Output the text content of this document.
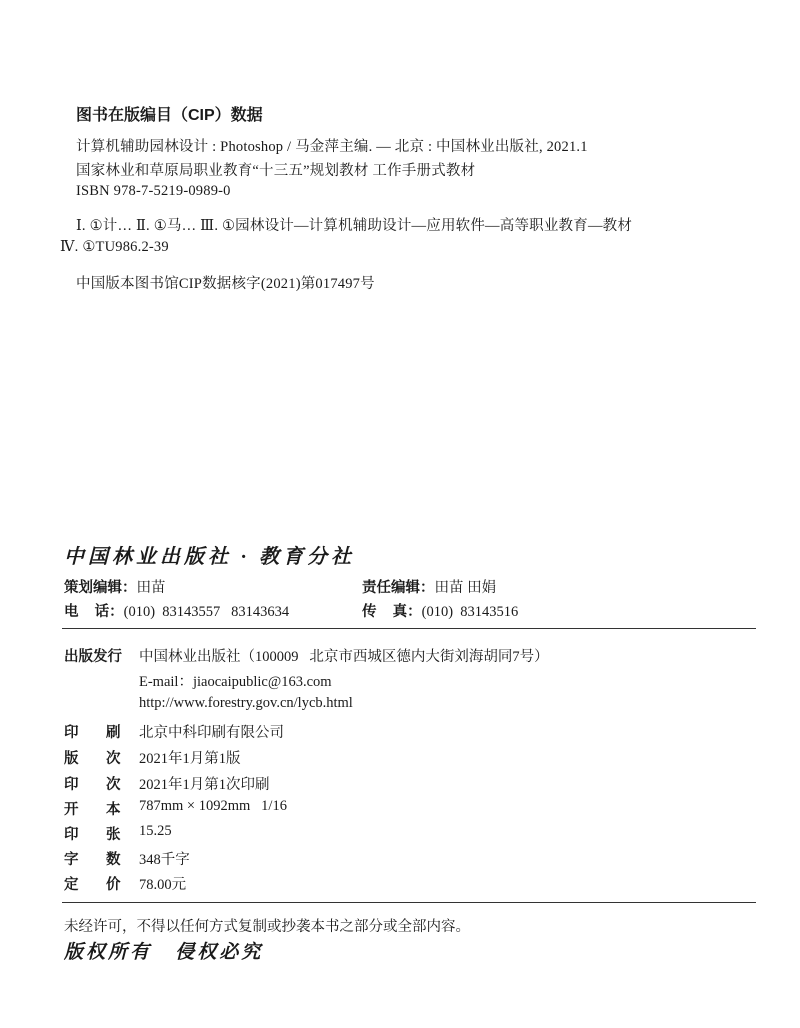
图书在版编目（CIP）数据
计算机辅助园林设计 : Photoshop / 马金萍主编. — 北京 : 中国林业出版社, 2021.1
国家林业和草原局职业教育“十三五”规划教材 工作手册式教材
ISBN 978-7-5219-0989-0
Ⅰ. ①计… Ⅱ. ①马… Ⅲ. ①园林设计—计算机辅助设计—应用软件—高等职业教育—教材
Ⅳ. ①TU986.2-39
中国版本图书馆CIP数据核字(2021)第017497号
中国林业出版社 · 教育分社
策划编辑：田苗	责任编辑：田苗 田娟
电    话：(010)  83143557   83143634	传    真：(010)  83143516
出版发行 中国林业出版社（100009   北京市西城区德内大街刘海胡同7号）
E-mail：jiaocaipublic@163.com
http://www.forestry.gov.cn/lycb.html
印 刷 北京中科印刷有限公司
版 次 2021年1月第1版
印 次 2021年1月第1次印刷
开 本 787mm × 1092mm   1/16
印 张 15.25
字 数 348千字
定 价 78.00元
未经许可，不得以任何方式复制或抄袭本书之部分或全部内容。
版权所有   侵权必究
